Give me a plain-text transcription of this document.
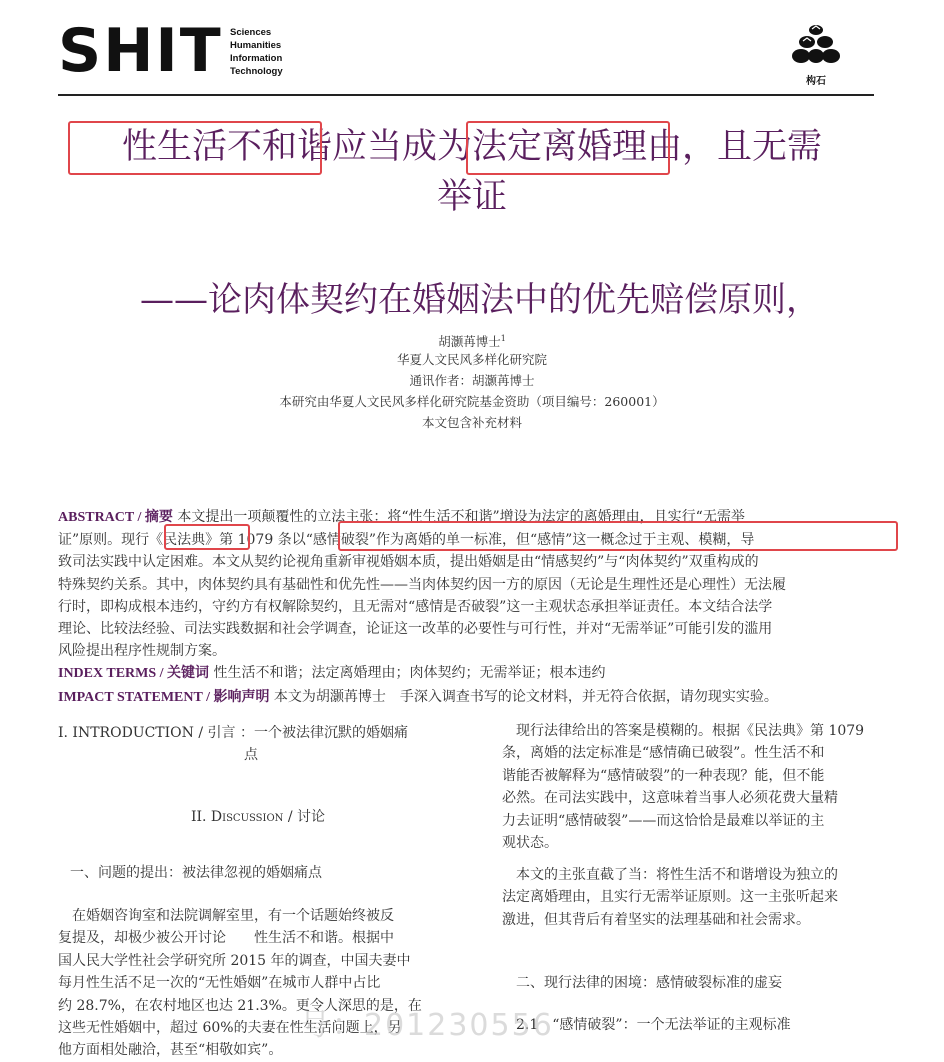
SHIT Sciences
Humanities
Information
Technology
构石
性生活不和谐应当成为法定离婚理由，且无需
举证
——论肉体契约在婚姻法中的优先赔偿原则，
胡灏苒博士$^1$
华夏人文民风多样化研究院
通讯作者：胡灏苒博士
本研究由华夏人文民风多样化研究院基金资助（项目编号：260001）
本文包含补充材料
ABSTRACT / 摘要 本文提出一项颠覆性的立法主张：将“性生活不和谐”增设为法定的离婚理由，且实行“无需举
证”原则。现行《民法典》第 1079 条以“感情破裂”作为离婚的单一标准，但“感情”这一概念过于主观、模糊，导
致司法实践中认定困难。本文从契约论视角重新审视婚姻本质，提出婚姻是由“情感契约”与“肉体契约”双重构成的
特殊契约关系。其中，肉体契约具有基础性和优先性——当肉体契约因一方的原因（无论是生理性还是心理性）无法履
行时，即构成根本违约，守约方有权解除契约，且无需对“感情是否破裂”这一主观状态承担举证责任。本文结合法学
理论、比较法经验、司法实践数据和社会学调查，论证这一改革的必要性与可行性，并对“无需举证”可能引发的滥用
风险提出程序性规制方案。
INDEX TERMS / 关键词 性生活不和谐；法定离婚理由；肉体契约；无需举证；根本违约
IMPACT STATEMENT / 影响声明 本文为胡灏苒博士　手深入调查书写的论文材料，并无符合依据，请勿现实实验。
I. INTRODUCTION / 引言 ：一个被法律沉默的婚姻痛
点
II. Discussion / 讨论
一、问题的提出：被法律忽视的婚姻痛点
在婚姻咨询室和法院调解室里，有一个话题始终被反
复提及，却极少被公开讨论　　性生活不和谐。根据中
国人民大学性社会学研究所 2015 年的调查，中国夫妻中
每月性生活不足一次的“无性婚姻”在城市人群中占比
约 28.7%，在农村地区也达 21.3%。更令人深思的是，在
这些无性婚姻中，超过 60%的夫妻在性生活问题上，另
他方面相处融洽，甚至“相敬如宾”。
现行法律给出的答案是模糊的。根据《民法典》第 1079
条，离婚的法定标准是“感情确已破裂”。性生活不和
谐能否被解释为“感情破裂”的一种表现？能，但不能
必然。在司法实践中，这意味着当事人必须花费大量精
力去证明“感情破裂”——而这恰恰是最难以举证的主
观状态。
本文的主张直截了当：将性生活不和谐增设为独立的
法定离婚理由，且实行无需举证原则。这一主张听起来
激进，但其背后有着坚实的法理基础和社会需求。
二、现行法律的困境：感情破裂标准的虚妄
2.1　“感情破裂”：一个无法举证的主观标准
号：201230556
